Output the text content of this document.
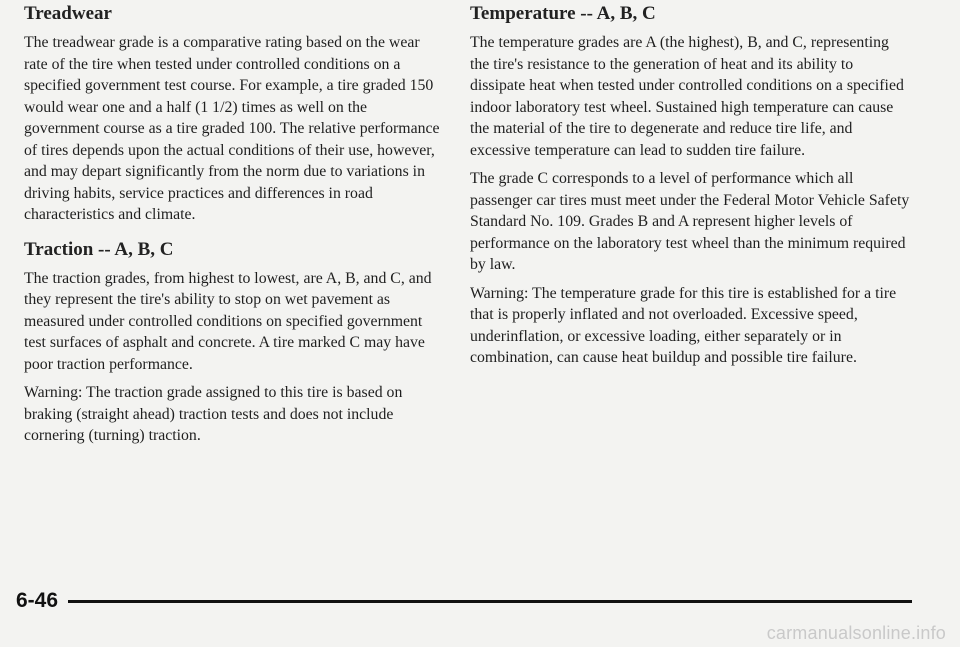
Treadwear

The treadwear grade is a comparative rating based on the wear rate of the tire when tested under controlled conditions on a specified government test course. For example, a tire graded 150 would wear one and a half (1 1/2) times as well on the government course as a tire graded 100. The relative performance of tires depends upon the actual conditions of their use, however, and may depart significantly from the norm due to variations in driving habits, service practices and differences in road characteristics and climate.

Traction -- A, B, C

The traction grades, from highest to lowest, are A, B, and C, and they represent the tire's ability to stop on wet pavement as measured under controlled conditions on specified government test surfaces of asphalt and concrete. A tire marked C may have poor traction performance.

Warning: The traction grade assigned to this tire is based on braking (straight ahead) traction tests and does not include cornering (turning) traction.

Temperature -- A, B, C

The temperature grades are A (the highest), B, and C, representing the tire's resistance to the generation of heat and its ability to dissipate heat when tested under controlled conditions on a specified indoor laboratory test wheel. Sustained high temperature can cause the material of the tire to degenerate and reduce tire life, and excessive temperature can lead to sudden tire failure.

The grade C corresponds to a level of performance which all passenger car tires must meet under the Federal Motor Vehicle Safety Standard No. 109. Grades B and A represent higher levels of performance on the laboratory test wheel than the minimum required by law.

Warning: The temperature grade for this tire is established for a tire that is properly inflated and not overloaded. Excessive speed, underinflation, or excessive loading, either separately or in combination, can cause heat buildup and possible tire failure.

6-46
carmanualsonline.info
